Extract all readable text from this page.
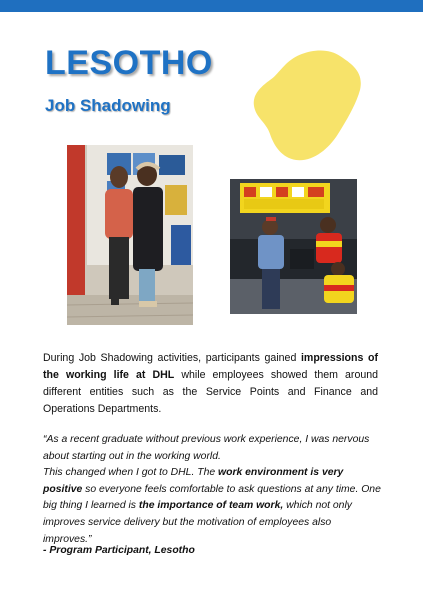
LESOTHO
Job Shadowing

During Job Shadowing activities, participants gained impressions of the working life at DHL while employees showed them around different entities such as the Service Points and Finance and Operations Departments.

“As a recent graduate without previous work experience, I was nervous about starting out in the working world.
This changed when I got to DHL. The work environment is very positive so everyone feels comfortable to ask questions at any time. One big thing I learned is the importance of team work, which not only improves service delivery but the motivation of employees also improves.”

- Program Participant, Lesotho
